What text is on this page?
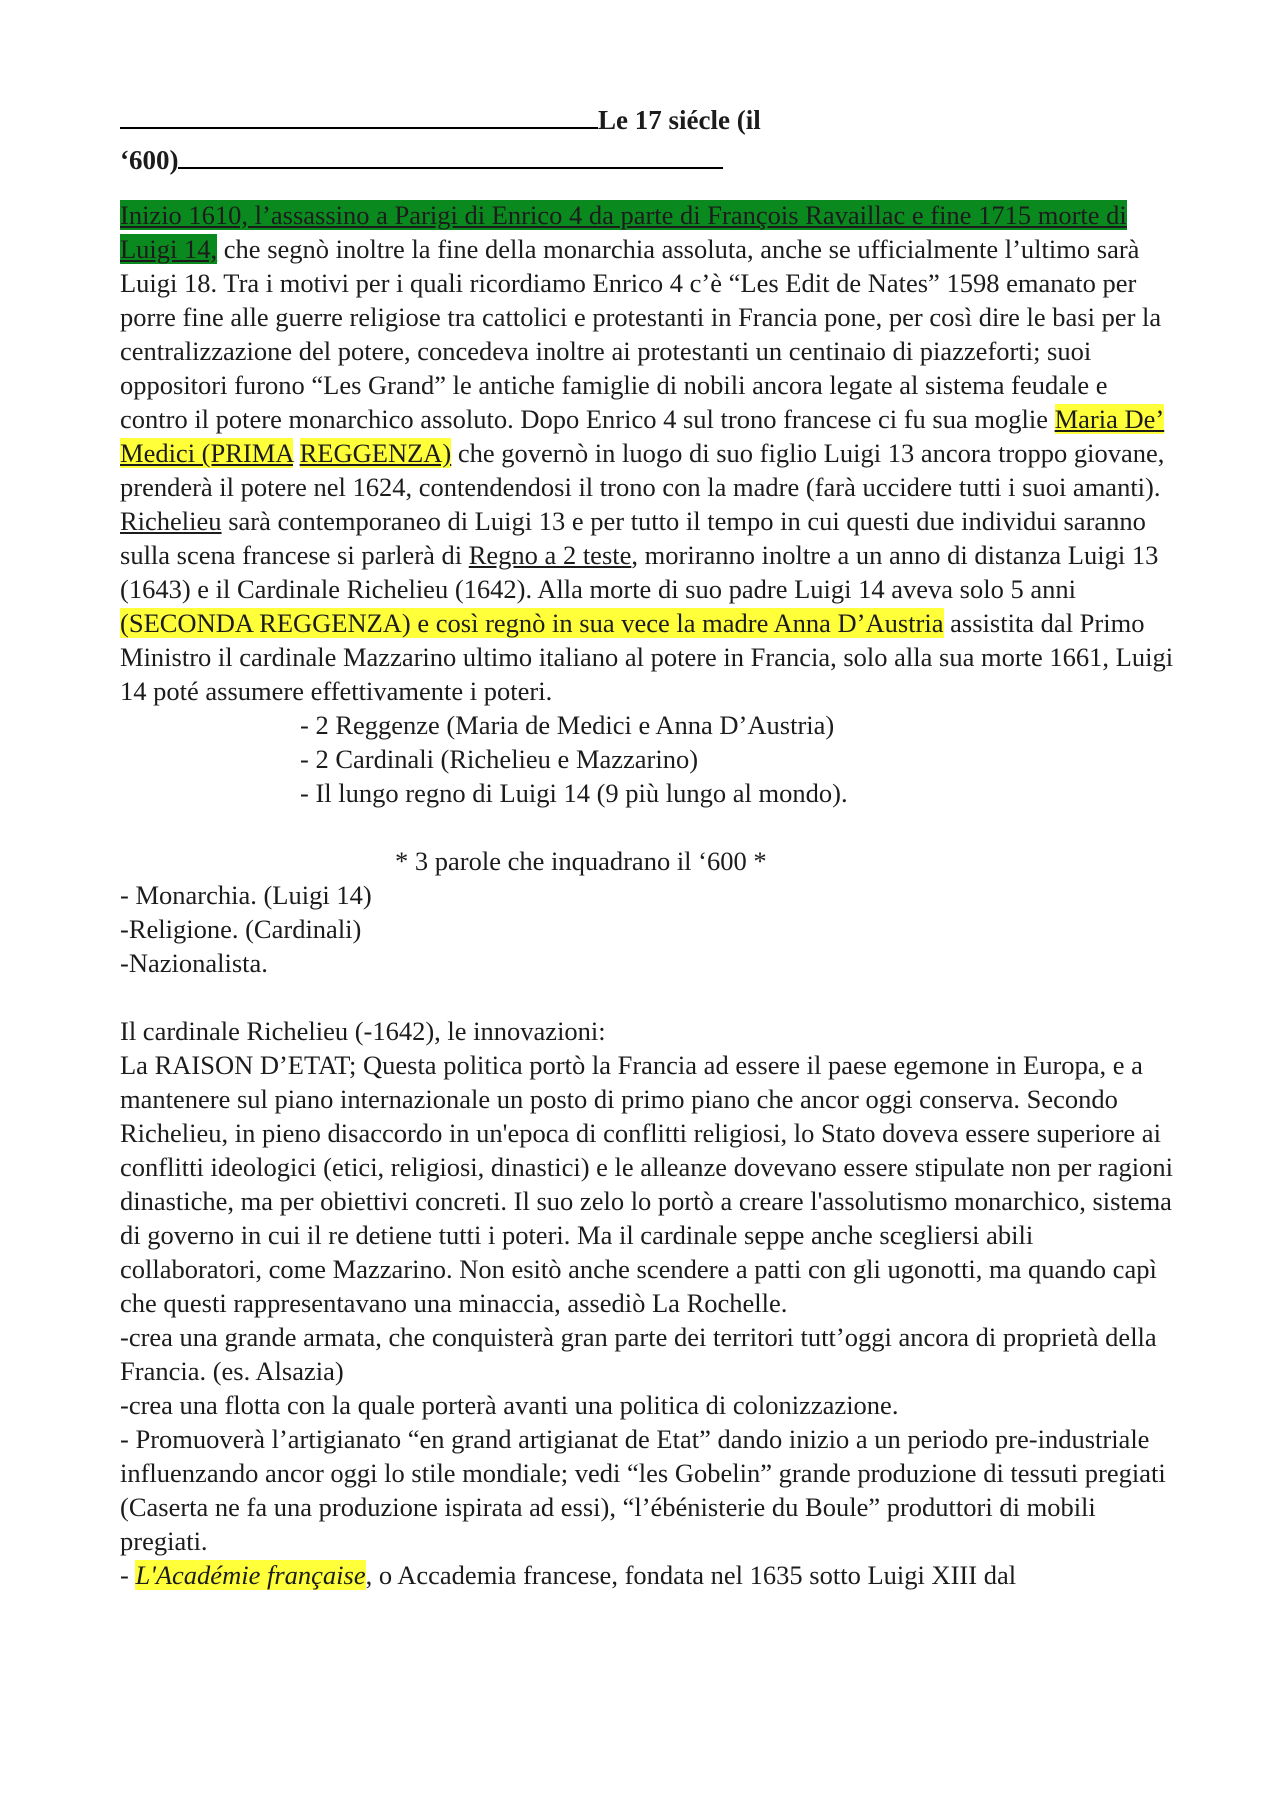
Le 17 siécle (il
‘600)

Inizio 1610, l’assassino a Parigi di Enrico 4 da parte di François Ravaillac e fine 1715 morte di Luigi 14, che segnò inoltre la fine della monarchia assoluta, anche se ufficialmente l’ultimo sarà Luigi 18. Tra i motivi per i quali ricordiamo Enrico 4 c’è “Les Edit de Nates” 1598 emanato per porre fine alle guerre religiose tra cattolici e protestanti in Francia pone, per così dire le basi per la centralizzazione del potere, concedeva inoltre ai protestanti un centinaio di piazzeforti; suoi oppositori furono “Les Grand” le antiche famiglie di nobili ancora legate al sistema feudale e contro il potere monarchico assoluto. Dopo Enrico 4 sul trono francese ci fu sua moglie Maria De’ Medici (PRIMA REGGENZA) che governò in luogo di suo figlio Luigi 13 ancora troppo giovane, prenderà il potere nel 1624, contendendosi il trono con la madre (farà uccidere tutti i suoi amanti). Richelieu sarà contemporaneo di Luigi 13 e per tutto il tempo in cui questi due individui saranno sulla scena francese si parlerà di Regno a 2 teste, moriranno inoltre a un anno di distanza Luigi 13 (1643) e il Cardinale Richelieu (1642). Alla morte di suo padre Luigi 14 aveva solo 5 anni (SECONDA REGGENZA) e così regnò in sua vece la madre Anna D’Austria assistita dal Primo Ministro il cardinale Mazzarino ultimo italiano al potere in Francia, solo alla sua morte 1661, Luigi 14 poté assumere effettivamente i poteri.

- 2 Reggenze (Maria de Medici e Anna D’Austria)

- 2 Cardinali (Richelieu e Mazzarino)

- Il lungo regno di Luigi 14 (9 più lungo al mondo).

* 3 parole che inquadrano il ‘600 *

- Monarchia. (Luigi 14)

-Religione. (Cardinali)

-Nazionalista.

Il cardinale Richelieu (-1642), le innovazioni:

La RAISON D’ETAT; Questa politica portò la Francia ad essere il paese egemone in Europa, e a mantenere sul piano internazionale un posto di primo piano che ancor oggi conserva. Secondo Richelieu, in pieno disaccordo in un'epoca di conflitti religiosi, lo Stato doveva essere superiore ai conflitti ideologici (etici, religiosi, dinastici) e le alleanze dovevano essere stipulate non per ragioni dinastiche, ma per obiettivi concreti. Il suo zelo lo portò a creare l'assolutismo monarchico, sistema di governo in cui il re detiene tutti i poteri. Ma il cardinale seppe anche scegliersi abili collaboratori, come Mazzarino. Non esitò anche scendere a patti con gli ugonotti, ma quando capì che questi rappresentavano una minaccia, assediò La Rochelle.

-crea una grande armata, che conquisterà gran parte dei territori tutt’oggi ancora di proprietà della Francia. (es. Alsazia)

-crea una flotta con la quale porterà avanti una politica di colonizzazione.

- Promuoverà l’artigianato “en grand artigianat de Etat” dando inizio a un periodo pre-industriale influenzando ancor oggi lo stile mondiale; vedi “les Gobelin” grande produzione di tessuti pregiati (Caserta ne fa una produzione ispirata ad essi), “l’ébénisterie du Boule” produttori di mobili pregiati.

- L'Académie française, o Accademia francese, fondata nel 1635 sotto Luigi XIII dal
